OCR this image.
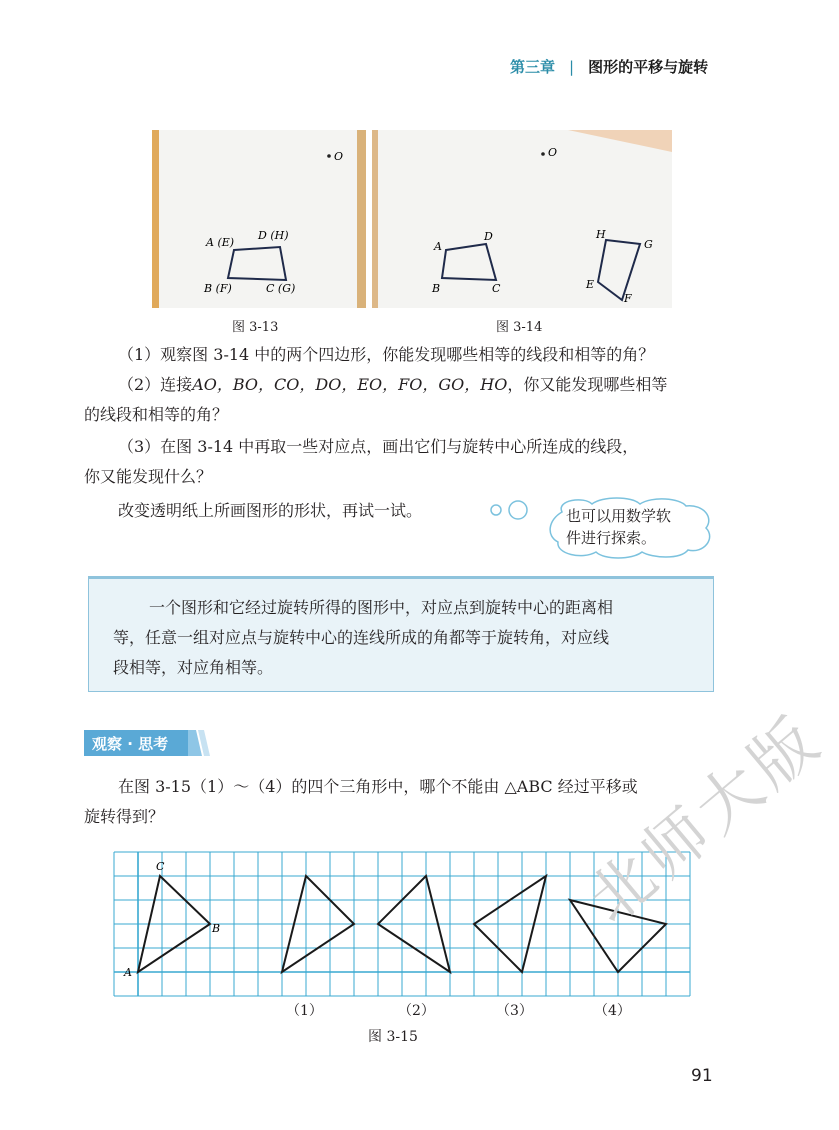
第三章 | 图形的平移与旋转
O
A (E)
D (H)
B (F)	C (G)
图 3-13
O
A
D
B	C
H
G
E
F
图 3-14
（1）观察图 3-14 中的两个四边形，你能发现哪些相等的线段和相等的角？
（2）连接AO，BO，CO，DO，EO，FO，GO，HO，你又能发现哪些相等
的线段和相等的角？
（3）在图 3-14 中再取一些对应点，画出它们与旋转中心所连成的线段，
你又能发现什么？
改变透明纸上所画图形的形状，再试一试。	也可以用数学软
件进行探索。
一个图形和它经过旋转所得的图形中，对应点到旋转中心的距离相
等，任意一组对应点与旋转中心的连线所成的角都等于旋转角，对应线
段相等，对应角相等。
观察 · 思考
在图 3-15（1）～（4）的四个三角形中，哪个不能由 △ABC 经过平移或
旋转得到？
A
C
B
（1）	（2）	（3）	（4）
图 3-15
北师大版
91
